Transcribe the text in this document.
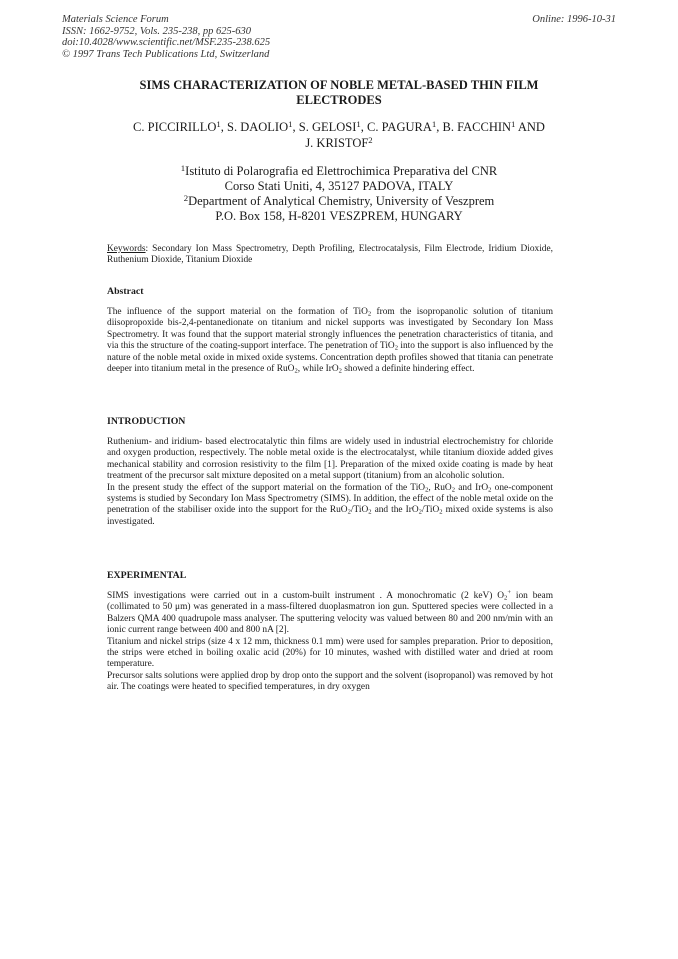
Materials Science Forum
ISSN: 1662-9752, Vols. 235-238, pp 625-630
doi:10.4028/www.scientific.net/MSF.235-238.625
© 1997 Trans Tech Publications Ltd, Switzerland
Online: 1996-10-31
SIMS CHARACTERIZATION OF NOBLE METAL-BASED THIN FILM
ELECTRODES
C. PICCIRILLO$^1$, S. DAOLIO$^1$, S. GELOSI$^1$, C. PAGURA$^1$, B. FACCHIN$^1$ AND
J. KRISTOF$^2$
$^1$Istituto di Polarografia ed Elettrochimica Preparativa del CNR
Corso Stati Uniti, 4, 35127 PADOVA, ITALY
$^2$Department of Analytical Chemistry, University of Veszprem
P.O. Box 158, H-8201 VESZPREM, HUNGARY
Keywords: Secondary Ion Mass Spectrometry, Depth Profiling, Electrocatalysis, Film Electrode, Iridium Dioxide, Ruthenium Dioxide, Titanium Dioxide
Abstract
The influence of the support material on the formation of TiO$_2$ from the isopropanolic solution of titanium diisopropoxide bis-2,4-pentanedionate on titanium and nickel supports was investigated by Secondary Ion Mass Spectrometry. It was found that the support material strongly influences the penetration characteristics of titania, and via this the structure of the coating-support interface. The penetration of TiO$_2$ into the support is also influenced by the nature of the noble metal oxide in mixed oxide systems. Concentration depth profiles showed that titania can penetrate deeper into titanium metal in the presence of RuO$_2$, while IrO$_2$ showed a definite hindering effect.
INTRODUCTION

Ruthenium- and iridium- based electrocatalytic thin films are widely used in industrial electrochemistry for chloride and oxygen production, respectively. The noble metal oxide is the electrocatalyst, while titanium dioxide added gives mechanical stability and corrosion resistivity to the film [1]. Preparation of the mixed oxide coating is made by heat treatment of the precursor salt mixture deposited on a metal support (titanium) from an alcoholic solution.

In the present study the effect of the support material on the formation of the TiO$_2$, RuO$_2$ and IrO$_2$ one-component systems is studied by Secondary Ion Mass Spectrometry (SIMS). In addition, the effect of the noble metal oxide on the penetration of the stabiliser oxide into the support for the RuO$_2$/TiO$_2$ and the IrO$_2$/TiO$_2$ mixed oxide systems is also investigated.

EXPERIMENTAL

SIMS investigations were carried out in a custom-built instrument . A monochromatic (2 keV) $O_2^+$ ion beam (collimated to 50 μm) was generated in a mass-filtered duoplasmatron ion gun. Sputtered species were collected in a Balzers QMA 400 quadrupole mass analyser. The sputtering velocity was valued between 80 and 200 nm/min with an ionic current range between 400 and 800 nA [2].

Titanium and nickel strips (size 4 x 12 mm, thickness 0.1 mm) were used for samples preparation. Prior to deposition, the strips were etched in boiling oxalic acid (20%) for 10 minutes, washed with distilled water and dried at room temperature.

Precursor salts solutions were applied drop by drop onto the support and the solvent (isopropanol) was removed by hot air. The coatings were heated to specified temperatures, in dry oxygen
